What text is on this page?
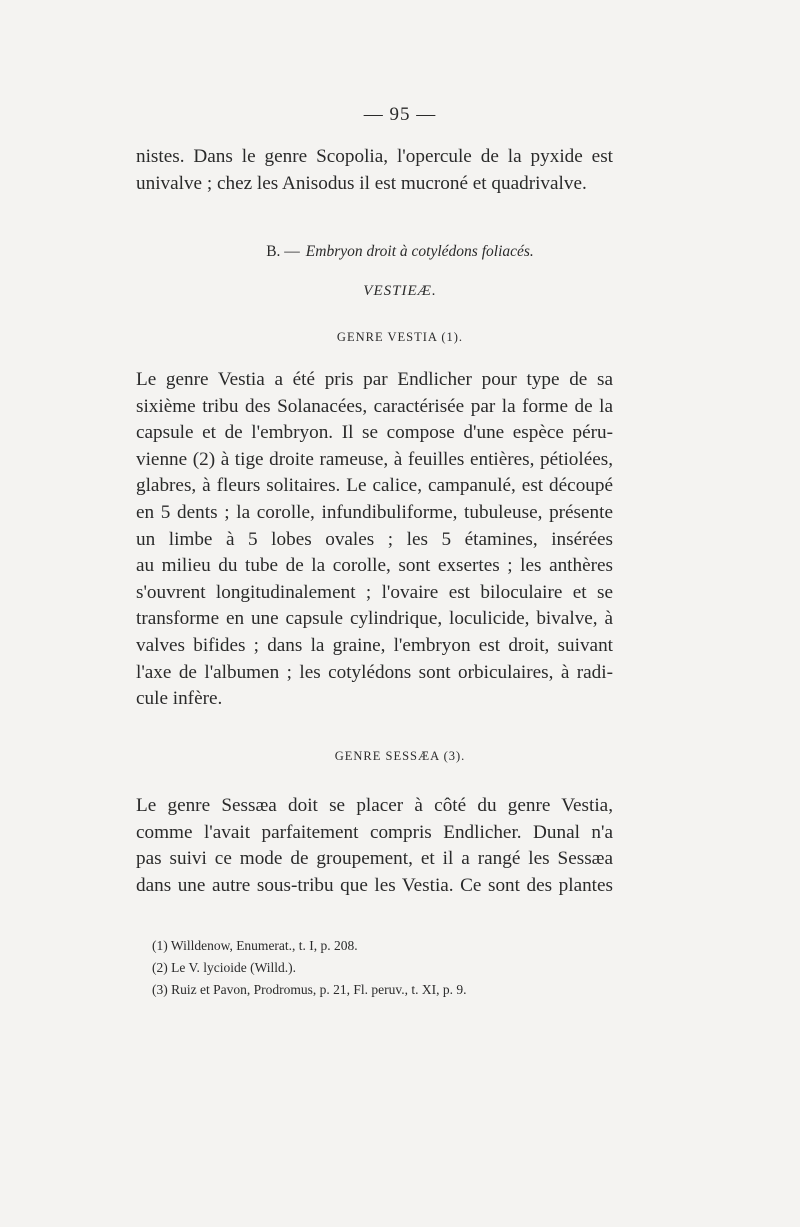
— 95 —

nistes. Dans le genre Scopolia, l'opercule de la pyxide est

univalve ; chez les Anisodus il est mucroné et quadrivalve.

B. — Embryon droit à cotylédons foliacés.
VESTIEÆ.
GENRE VESTIA (1).

Le genre Vestia a été pris par Endlicher pour type de sa

sixième tribu des Solanacées, caractérisée par la forme de la

capsule et de l'embryon. Il se compose d'une espèce péru-

vienne (2) à tige droite rameuse, à feuilles entières, pétiolées,

glabres, à fleurs solitaires. Le calice, campanulé, est découpé

en 5 dents ; la corolle, infundibuliforme, tubuleuse, présente

un limbe à 5 lobes ovales ; les 5 étamines, insérées

au milieu du tube de la corolle, sont exsertes ; les anthères

s'ouvrent longitudinalement ; l'ovaire est biloculaire et se

transforme en une capsule cylindrique, loculicide, bivalve, à

valves bifides ; dans la graine, l'embryon est droit, suivant

l'axe de l'albumen ; les cotylédons sont orbiculaires, à radi-

cule infère.

GENRE SESSÆA (3).

Le genre Sessæa doit se placer à côté du genre Vestia,

comme l'avait parfaitement compris Endlicher. Dunal n'a

pas suivi ce mode de groupement, et il a rangé les Sessæa

dans une autre sous-tribu que les Vestia. Ce sont des plantes

(1) Willdenow, Enumerat., t. I, p. 208.
(2) Le V. lycioide (Willd.).
(3) Ruiz et Pavon, Prodromus, p. 21, Fl. peruv., t. XI, p. 9.
